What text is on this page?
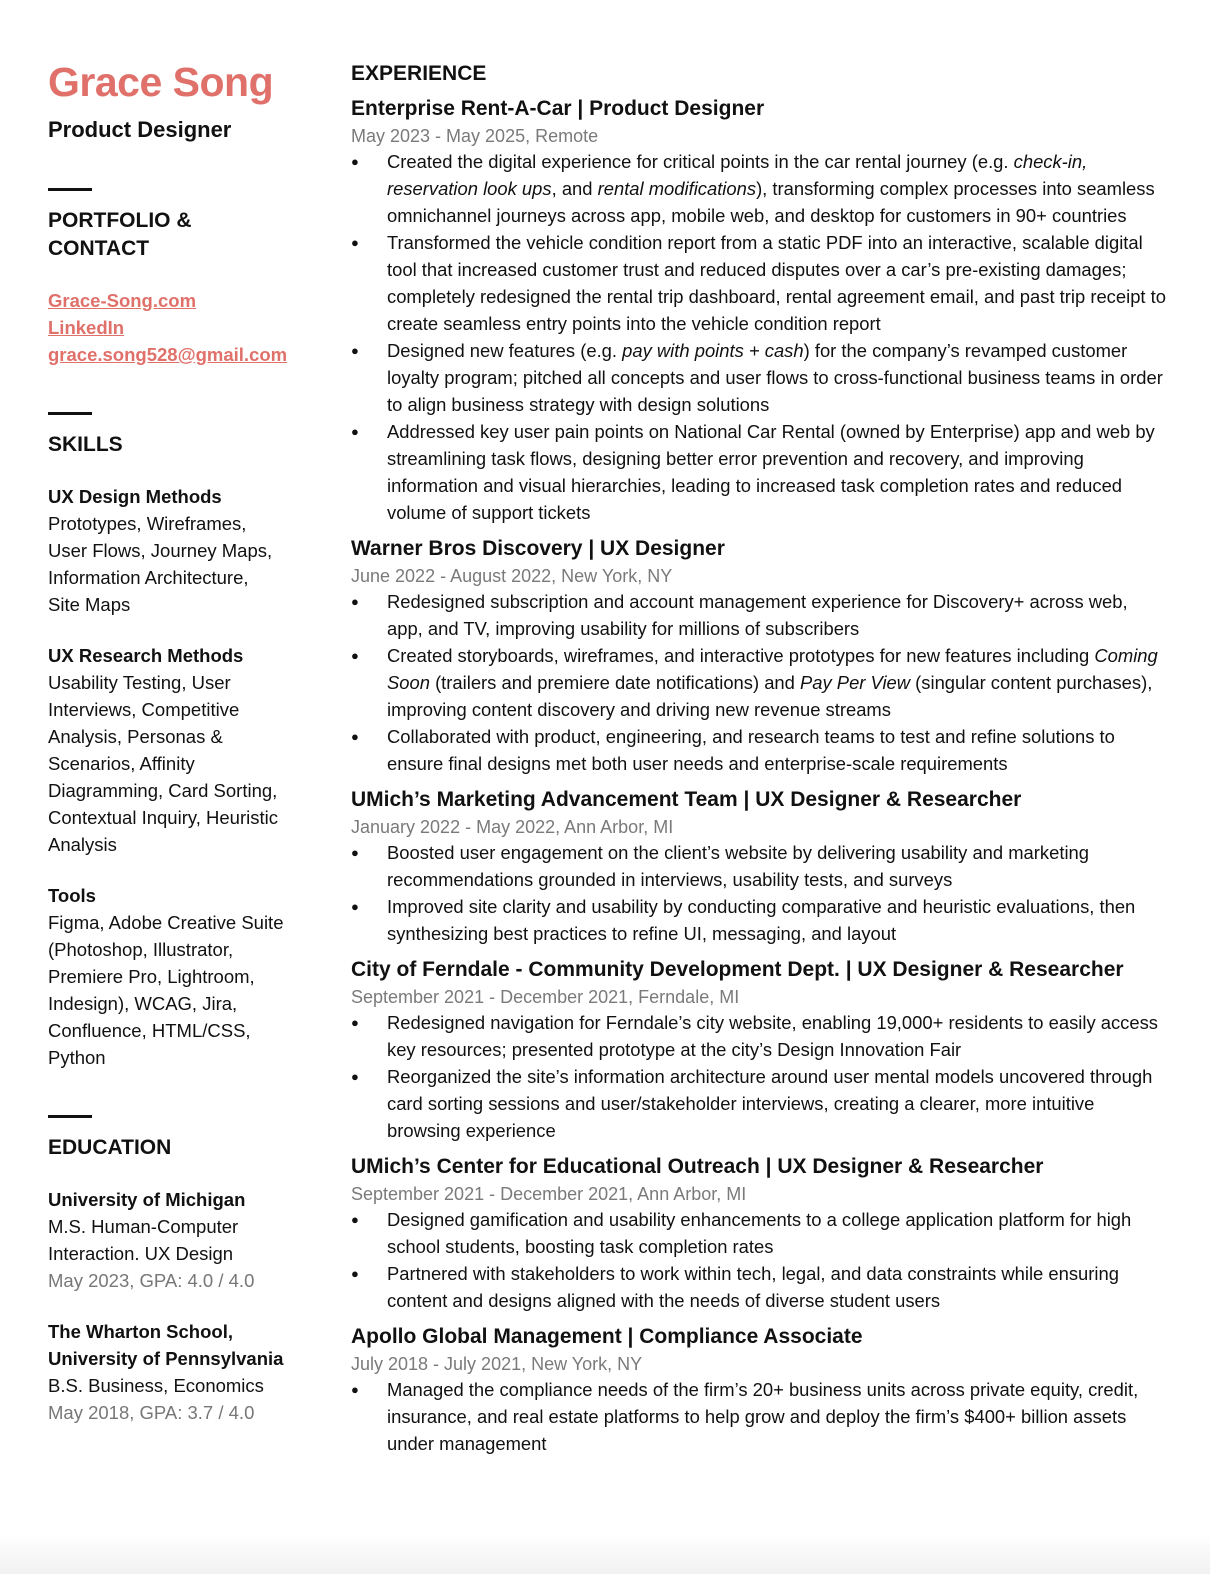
Grace Song
Product Designer
PORTFOLIO & CONTACT
Grace-Song.com
LinkedIn
grace.song528@gmail.com
SKILLS
UX Design Methods
Prototypes, Wireframes,
User Flows, Journey Maps,
Information Architecture,
Site Maps
UX Research Methods
Usability Testing, User
Interviews, Competitive
Analysis, Personas &
Scenarios, Affinity
Diagramming, Card Sorting,
Contextual Inquiry, Heuristic
Analysis
Tools
Figma, Adobe Creative Suite
(Photoshop, Illustrator,
Premiere Pro, Lightroom,
Indesign), WCAG, Jira,
Confluence, HTML/CSS,
Python
EDUCATION
University of Michigan
M.S. Human-Computer
Interaction. UX Design
May 2023, GPA: 4.0 / 4.0
The Wharton School,
University of Pennsylvania
B.S. Business, Economics
May 2018, GPA: 3.7 / 4.0
EXPERIENCE
Enterprise Rent-A-Car | Product Designer
May 2023 - May 2025, Remote
● Created the digital experience for critical points in the car rental journey (e.g. check-in, reservation look ups, and rental modifications), transforming complex processes into seamless omnichannel journeys across app, mobile web, and desktop for customers in 90+ countries
● Transformed the vehicle condition report from a static PDF into an interactive, scalable digital tool that increased customer trust and reduced disputes over a car’s pre-existing damages; completely redesigned the rental trip dashboard, rental agreement email, and past trip receipt to create seamless entry points into the vehicle condition report
● Designed new features (e.g. pay with points + cash) for the company’s revamped customer loyalty program; pitched all concepts and user flows to cross-functional business teams in order to align business strategy with design solutions
● Addressed key user pain points on National Car Rental (owned by Enterprise) app and web by streamlining task flows, designing better error prevention and recovery, and improving information and visual hierarchies, leading to increased task completion rates and reduced volume of support tickets
Warner Bros Discovery | UX Designer
June 2022 - August 2022, New York, NY
● Redesigned subscription and account management experience for Discovery+ across web, app, and TV, improving usability for millions of subscribers
● Created storyboards, wireframes, and interactive prototypes for new features including Coming Soon (trailers and premiere date notifications) and Pay Per View (singular content purchases), improving content discovery and driving new revenue streams
● Collaborated with product, engineering, and research teams to test and refine solutions to ensure final designs met both user needs and enterprise-scale requirements
UMich’s Marketing Advancement Team | UX Designer & Researcher
January 2022 - May 2022, Ann Arbor, MI
● Boosted user engagement on the client’s website by delivering usability and marketing recommendations grounded in interviews, usability tests, and surveys
● Improved site clarity and usability by conducting comparative and heuristic evaluations, then synthesizing best practices to refine UI, messaging, and layout
City of Ferndale - Community Development Dept. | UX Designer & Researcher
September 2021 - December 2021, Ferndale, MI
● Redesigned navigation for Ferndale’s city website, enabling 19,000+ residents to easily access key resources; presented prototype at the city’s Design Innovation Fair
● Reorganized the site’s information architecture around user mental models uncovered through card sorting sessions and user/stakeholder interviews, creating a clearer, more intuitive browsing experience
UMich’s Center for Educational Outreach | UX Designer & Researcher
September 2021 - December 2021, Ann Arbor, MI
● Designed gamification and usability enhancements to a college application platform for high school students, boosting task completion rates
● Partnered with stakeholders to work within tech, legal, and data constraints while ensuring content and designs aligned with the needs of diverse student users
Apollo Global Management | Compliance Associate
July 2018 - July 2021, New York, NY
● Managed the compliance needs of the firm’s 20+ business units across private equity, credit, insurance, and real estate platforms to help grow and deploy the firm’s $400+ billion assets under management
